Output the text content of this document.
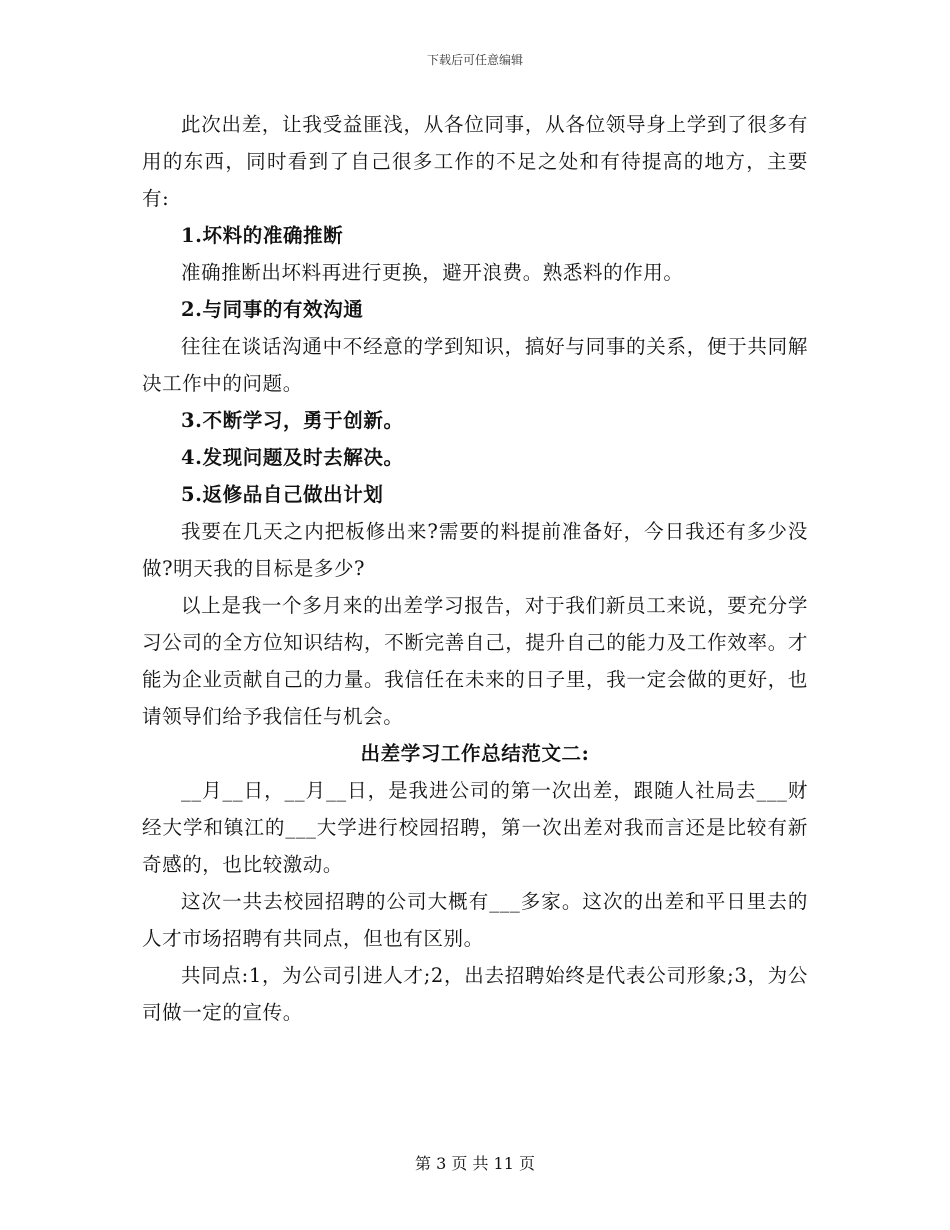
下载后可任意编辑

此次出差，让我受益匪浅，从各位同事，从各位领导身上学到了很多有用的东西，同时看到了自己很多工作的不足之处和有待提高的地方，主要有:

1.坏料的准确推断

准确推断出坏料再进行更换，避开浪费。熟悉料的作用。

2.与同事的有效沟通

往往在谈话沟通中不经意的学到知识，搞好与同事的关系，便于共同解决工作中的问题。

3.不断学习，勇于创新。

4.发现问题及时去解决。

5.返修品自己做出计划

我要在几天之内把板修出来?需要的料提前准备好，今日我还有多少没做?明天我的目标是多少?

以上是我一个多月来的出差学习报告，对于我们新员工来说，要充分学习公司的全方位知识结构，不断完善自己，提升自己的能力及工作效率。才能为企业贡献自己的力量。我信任在未来的日子里，我一定会做的更好，也请领导们给予我信任与机会。

出差学习工作总结范文二:

__月__日，__月__日，是我进公司的第一次出差，跟随人社局去___财经大学和镇江的___大学进行校园招聘，第一次出差对我而言还是比较有新奇感的，也比较激动。

这次一共去校园招聘的公司大概有___多家。这次的出差和平日里去的人才市场招聘有共同点，但也有区别。

共同点:1，为公司引进人才;2，出去招聘始终是代表公司形象;3，为公司做一定的宣传。

第 3 页 共 11 页
